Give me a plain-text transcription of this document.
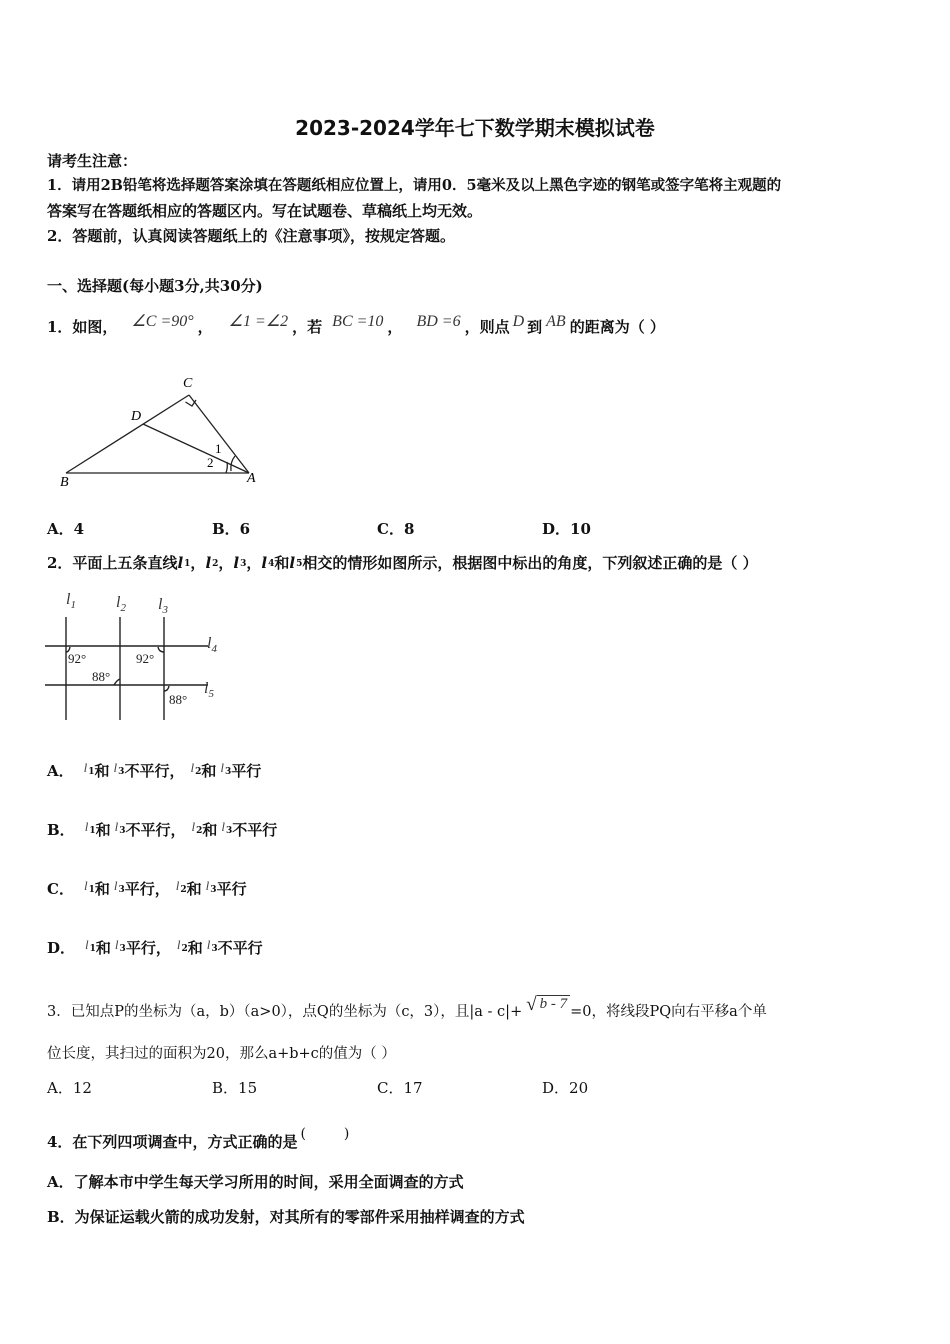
2023-2024学年七下数学期末模拟试卷
请考生注意：
1．请用2B铅笔将选择题答案涂填在答题纸相应位置上，请用0．5毫米及以上黑色字迹的钢笔或签字笔将主观题的
答案写在答题纸相应的答题区内。写在试题卷、草稿纸上均无效。
2．答题前，认真阅读答题纸上的《注意事项》，按规定答题。
一、选择题(每小题3分,共30分)
1．如图， ∠C =90° ， ∠1 =∠2 ，若 BC =10 ， BD =6 ，则点 D 到 AB 的距离为（ ）
C
D
B	A
1
2
A．4	B．6	C．8	D．10
2．平面上五条直线$l^1$，$l^2$，$l^3$，$l^4$和$l^5$相交的情形如图所示，根据图中标出的角度，下列叙述正确的是（ ）
$l_1$	$l_2$ $l_3$
$l_4$
$l_5$
92°
88°
92°
88°
A． $l^1$和 $l^3$不平行， $l^2$和 $l^3$平行
B． $l^1$和 $l^3$不平行， $l^2$和 $l^3$不平行
C． $l^1$和 $l^3$平行， $l^2$和 $l^3$平行
D． $l^1$和 $l^3$平行， $l^2$和 $l^3$不平行
3．已知点P的坐标为（a，b）（a>0），点Q的坐标为（c，3），且|a - c|+ √ b - 7 =0，将线段PQ向右平移a个单
位长度，其扫过的面积为20，那么a+b+c的值为（ ）
A．12	B．15	C．17	D．20
4．在下列四项调查中，方式正确的是 (	)
A．了解本市中学生每天学习所用的时间，采用全面调查的方式
B．为保证运载火箭的成功发射，对其所有的零部件采用抽样调查的方式
